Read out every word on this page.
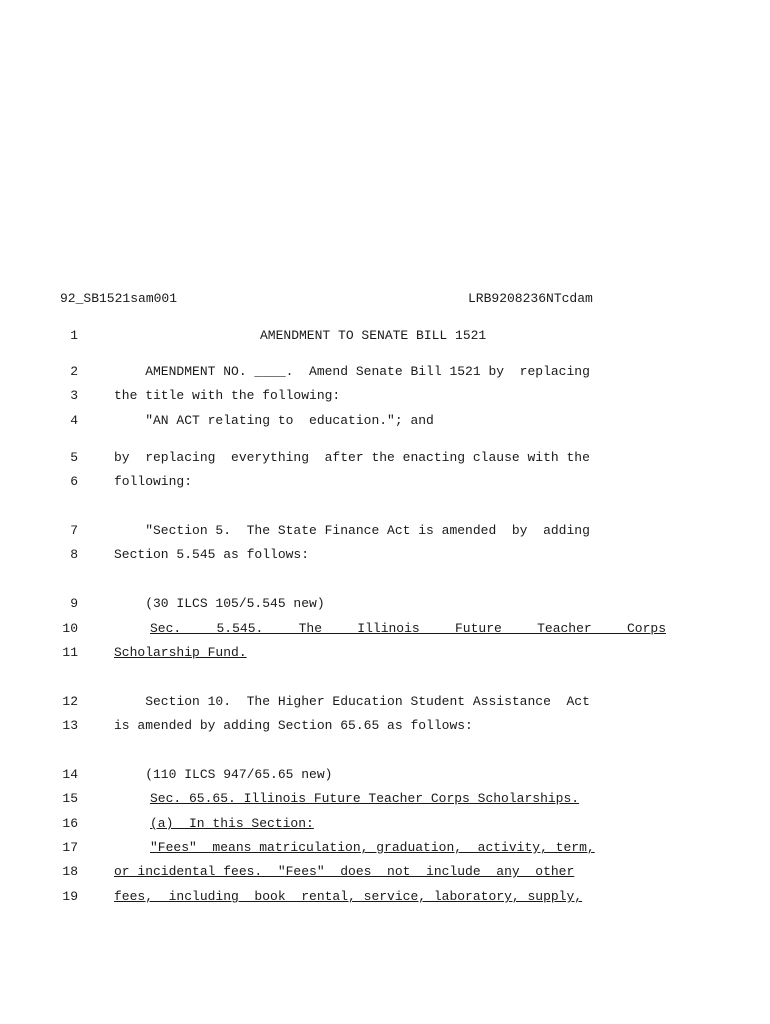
92_SB1521sam001	LRB9208236NTcdam
1	AMENDMENT TO SENATE BILL 1521
2	AMENDMENT NO. ____.  Amend Senate Bill 1521 by  replacing
3	the title with the following:
4	"AN ACT relating to  education."; and
5	by  replacing  everything  after the enacting clause with the
6	following:
7	"Section 5.  The State Finance Act is amended  by  adding
8	Section 5.545 as follows:
9	(30 ILCS 105/5.545 new)
10
	Sec. 5.545. The Illinois Future Teacher Corps
11	Scholarship Fund.
12	Section 10.  The Higher Education Student Assistance  Act
13	is amended by adding Section 65.65 as follows:
14	(110 ILCS 947/65.65 new)
15	Sec. 65.65. Illinois Future Teacher Corps Scholarships.
16	(a)  In this Section:
17	"Fees"  means matriculation, graduation,  activity, term,
18	or incidental fees.  "Fees"  does  not  include  any  other
19	fees,  including  book  rental, service, laboratory, supply,
